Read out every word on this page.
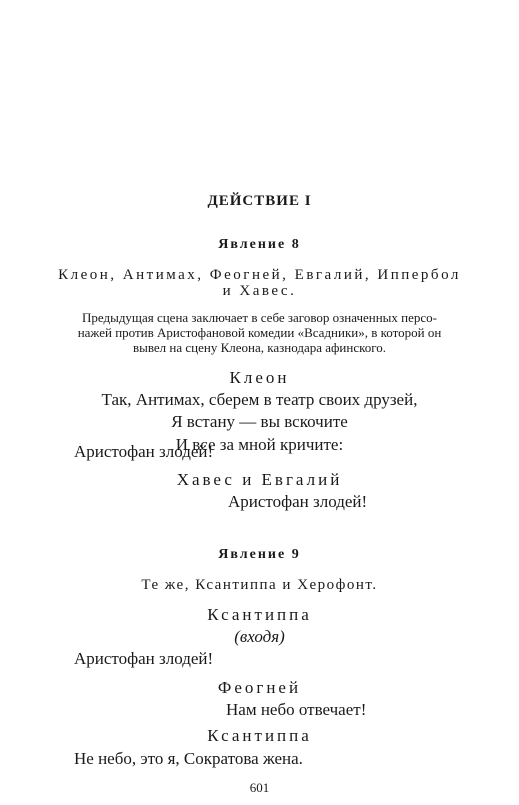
ДЕЙСТВИЕ I
Явление 8
Клеон, Антимах, Феогней, Евгалий, Иппербол
и Хавес.
Предыдущая сцена заключает в себе заговор означенных персо-
нажей против Аристофановой комедии «Всадники», в которой он
вывел на сцену Клеона, казнодара афинского.
Клеон
Так, Антимах, сберем в театр своих друзей,
Я встану — вы вскочите
И все за мной кричите:
Аристофан злодей!
Хавес и Евгалий
Аристофан злодей!
Явление 9
Те же, Ксантиппа и Херофонт.
Ксантиппа
(входя)
Аристофан злодей!
Феогней
Нам небо отвечает!
Ксантиппа
Не небо, это я, Сократова жена.
601
